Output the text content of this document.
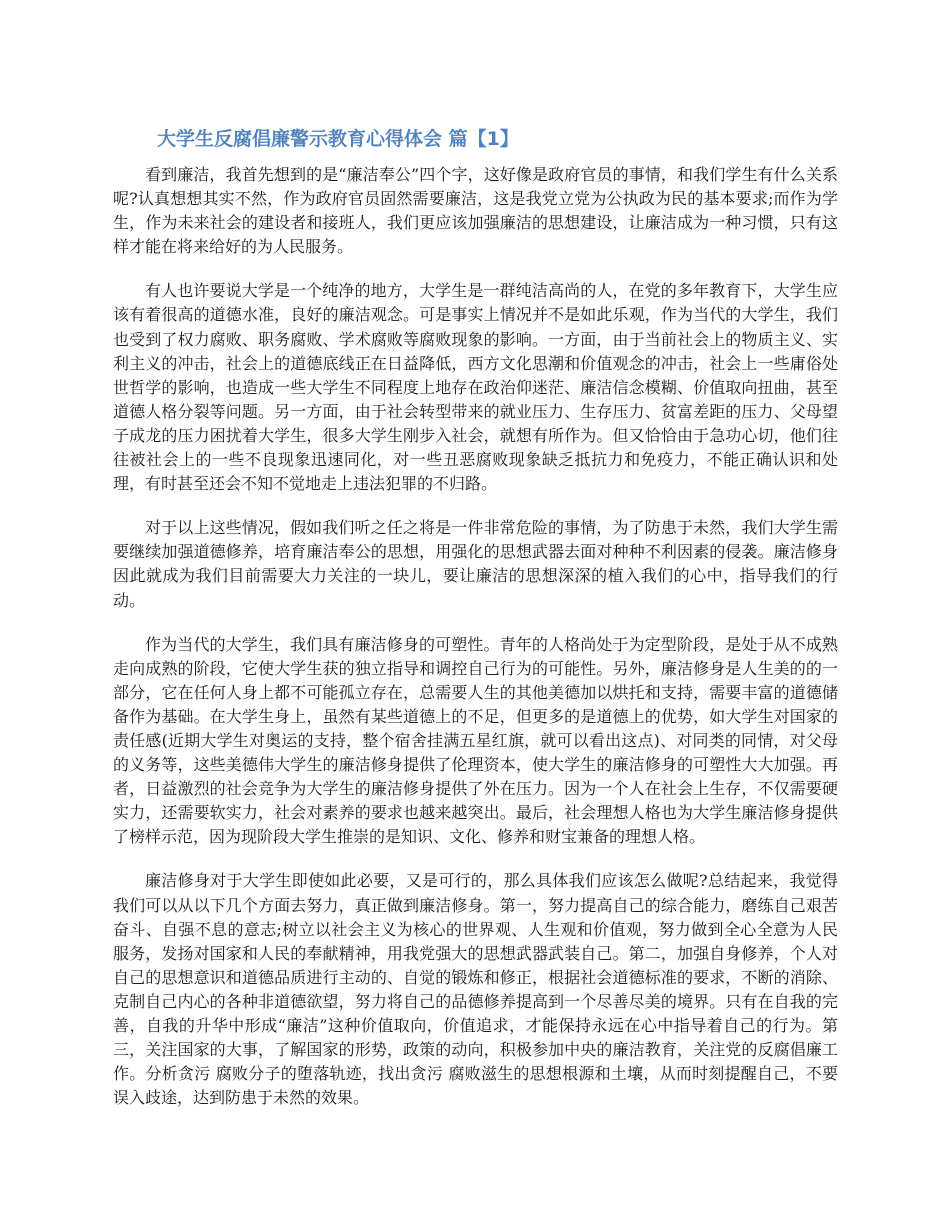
大学生反腐倡廉警示教育心得体会 篇【1】

看到廉洁，我首先想到的是“廉洁奉公”四个字，这好像是政府官员的事情，和我们学生有什么关系呢?认真想想其实不然，作为政府官员固然需要廉洁，这是我党立党为公执政为民的基本要求;而作为学生，作为未来社会的建设者和接班人，我们更应该加强廉洁的思想建设，让廉洁成为一种习惯，只有这样才能在将来给好的为人民服务。

有人也许要说大学是一个纯净的地方，大学生是一群纯洁高尚的人，在党的多年教育下，大学生应该有着很高的道德水准，良好的廉洁观念。可是事实上情况并不是如此乐观，作为当代的大学生，我们也受到了权力腐败、职务腐败、学术腐败等腐败现象的影响。一方面，由于当前社会上的物质主义、实利主义的冲击，社会上的道德底线正在日益降低，西方文化思潮和价值观念的冲击，社会上一些庸俗处世哲学的影响，也造成一些大学生不同程度上地存在政治仰迷茫、廉洁信念模糊、价值取向扭曲，甚至道德人格分裂等问题。另一方面，由于社会转型带来的就业压力、生存压力、贫富差距的压力、父母望子成龙的压力困扰着大学生，很多大学生刚步入社会，就想有所作为。但又恰恰由于急功心切，他们往往被社会上的一些不良现象迅速同化，对一些丑恶腐败现象缺乏抵抗力和免疫力，不能正确认识和处理，有时甚至还会不知不觉地走上违法犯罪的不归路。

对于以上这些情况，假如我们听之任之将是一件非常危险的事情，为了防患于未然，我们大学生需要继续加强道德修养，培育廉洁奉公的思想，用强化的思想武器去面对种种不利因素的侵袭。廉洁修身因此就成为我们目前需要大力关注的一块儿，要让廉洁的思想深深的植入我们的心中，指导我们的行动。

作为当代的大学生，我们具有廉洁修身的可塑性。青年的人格尚处于为定型阶段，是处于从不成熟走向成熟的阶段，它使大学生获的独立指导和调控自己行为的可能性。另外，廉洁修身是人生美的的一部分，它在任何人身上都不可能孤立存在，总需要人生的其他美德加以烘托和支持，需要丰富的道德储备作为基础。在大学生身上，虽然有某些道德上的不足，但更多的是道德上的优势，如大学生对国家的责任感(近期大学生对奥运的支持，整个宿舍挂满五星红旗，就可以看出这点)、对同类的同情，对父母的义务等，这些美德伟大学生的廉洁修身提供了伦理资本，使大学生的廉洁修身的可塑性大大加强。再者，日益激烈的社会竞争为大学生的廉洁修身提供了外在压力。因为一个人在社会上生存，不仅需要硬实力，还需要软实力，社会对素养的要求也越来越突出。最后，社会理想人格也为大学生廉洁修身提供了榜样示范，因为现阶段大学生推崇的是知识、文化、修养和财宝兼备的理想人格。

廉洁修身对于大学生即使如此必要，又是可行的，那么具体我们应该怎么做呢?总结起来，我觉得我们可以从以下几个方面去努力，真正做到廉洁修身。第一，努力提高自己的综合能力，磨练自己艰苦奋斗、自强不息的意志;树立以社会主义为核心的世界观、人生观和价值观，努力做到全心全意为人民服务，发扬对国家和人民的奉献精神，用我党强大的思想武器武装自己。第二，加强自身修养，个人对自己的思想意识和道德品质进行主动的、自觉的锻炼和修正，根据社会道德标准的要求，不断的消除、克制自己内心的各种非道德欲望，努力将自己的品德修养提高到一个尽善尽美的境界。只有在自我的完善，自我的升华中形成“廉洁”这种价值取向，价值追求，才能保持永远在心中指导着自己的行为。第三，关注国家的大事，了解国家的形势，政策的动向，积极参加中央的廉洁教育，关注党的反腐倡廉工作。分析贪污 腐败分子的堕落轨迹，找出贪污 腐败滋生的思想根源和土壤，从而时刻提醒自己，不要误入歧途，达到防患于未然的效果。
